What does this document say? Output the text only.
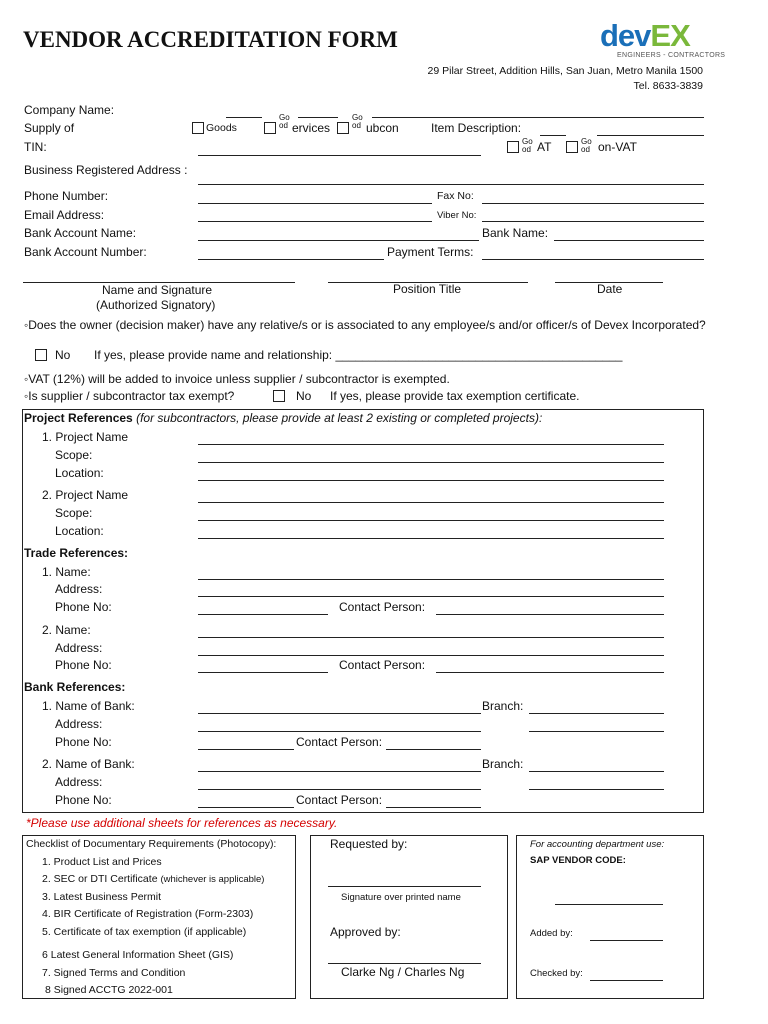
VENDOR ACCREDITATION FORM	devEX
ENGINEERS - CONTRACTORS
29 Pilar Street, Addition Hills, San Juan, Metro Manila 1500
Tel. 8633-3839
Company Name:
Supply of	Goods
Go od ervices
Go od ubcon	Item Description:
TIN:	Go od AT	Go od on-VAT
Business Registered Address :
Phone Number:	Fax No:
Email Address:	Viber No:
Bank Account Name:	Bank Name:
Bank Account Number:	Payment Terms:
Name and Signature
(Authorized Signatory)
Position Title	Date
◦Does the owner (decision maker) have any relative/s or is associated to any employee/s and/or officer/s of Devex Incorporated?
No If yes, please provide name and relationship: ___________________________________________
◦VAT (12%) will be added to invoice unless supplier / subcontractor is exempted.
◦Is supplier / subcontractor tax exempt?	No If yes, please provide tax exemption certificate.
Project References (for subcontractors, please provide at least 2 existing or completed projects):
1. Project Name
Scope:
Location:
2. Project Name
Scope:
Location:
Trade References:
1. Name:
Address:
Phone No:	Contact Person:
2. Name:
Address:
Phone No:	Contact Person:
Bank References:
1. Name of Bank:	Branch:
Address:
Phone No:	Contact Person:
2. Name of Bank:	Branch:
Address:
Phone No:	Contact Person:
*Please use additional sheets for references as necessary.
Checklist of Documentary Requirements (Photocopy):
1. Product List and Prices
2. SEC or DTI Certificate (whichever is applicable)
3. Latest Business Permit
4. BIR Certificate of Registration (Form-2303)
5. Certificate of tax exemption (if applicable)
6 Latest General Information Sheet (GIS)
7. Signed Terms and Condition
8 Signed ACCTG 2022-001
Requested by:
Signature over printed name
Approved by:
Clarke Ng / Charles Ng
For accounting department use:
SAP VENDOR CODE:
Added by:
Checked by:
